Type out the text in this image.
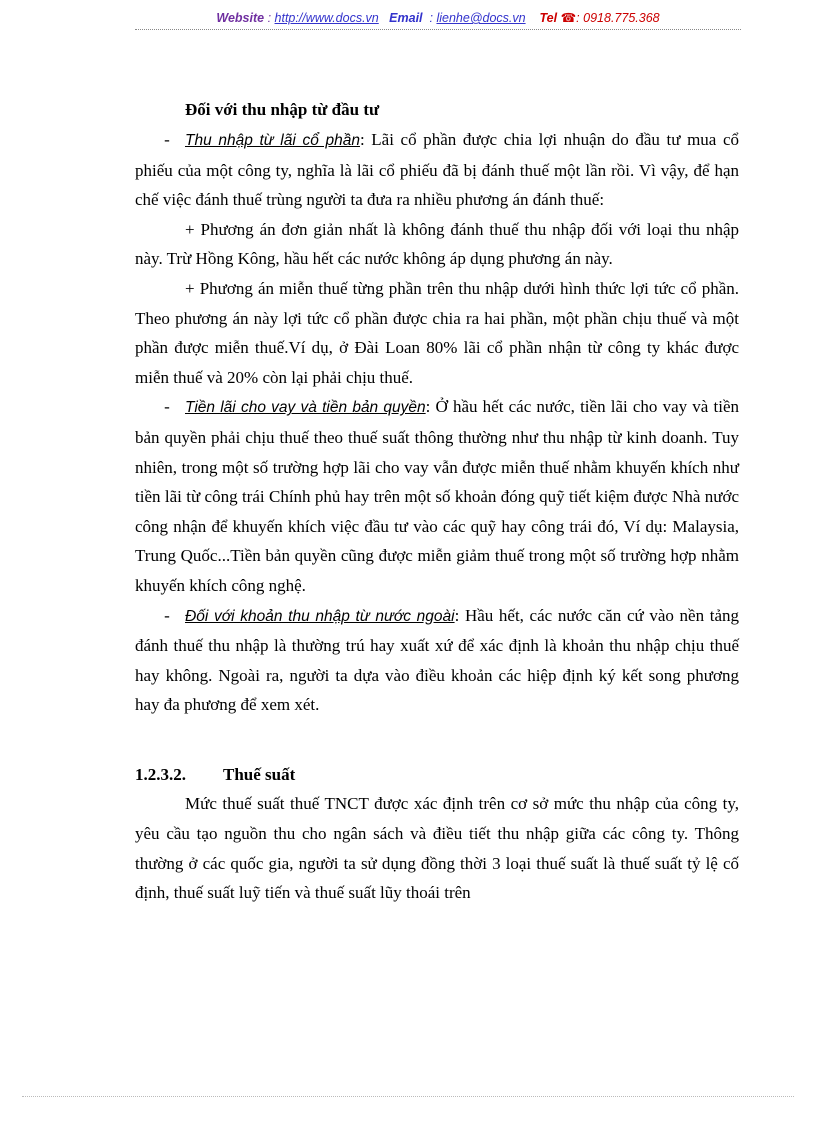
Website : http://www.docs.vn Email : lienhe@docs.vn Tel ☎: 0918.775.368

Đối với thu nhập từ đầu tư

- Thu nhập từ lãi cổ phần: Lãi cổ phần được chia lợi nhuận do đầu tư mua cổ phiếu của một công ty, nghĩa là lãi cổ phiếu đã bị đánh thuế một lần rồi. Vì vậy, để hạn chế việc đánh thuế trùng người ta đưa ra nhiều phương án đánh thuế:

+ Phương án đơn giản nhất là không đánh thuế thu nhập đối với loại thu nhập này. Trừ Hồng Kông, hầu hết các nước không áp dụng phương án này.

+ Phương án miễn thuế từng phần trên thu nhập dưới hình thức lợi tức cổ phần. Theo phương án này lợi tức cổ phần được chia ra hai phần, một phần chịu thuế và một phần được miễn thuế.Ví dụ, ở Đài Loan 80% lãi cổ phần nhận từ công ty khác được miễn thuế và 20% còn lại phải chịu thuế.

- Tiền lãi cho vay và tiền bản quyền: Ở hầu hết các nước, tiền lãi cho vay và tiền bản quyền phải chịu thuế theo thuế suất thông thường như thu nhập từ kinh doanh. Tuy nhiên, trong một số trường hợp lãi cho vay vẫn được miễn thuế nhằm khuyến khích như tiền lãi từ công trái Chính phủ hay trên một số khoản đóng quỹ tiết kiệm được Nhà nước công nhận để khuyến khích việc đầu tư vào các quỹ hay công trái đó, Ví dụ: Malaysia, Trung Quốc...Tiền bản quyền cũng được miễn giảm thuế trong một số trường hợp nhằm khuyến khích công nghệ.

- Đối với khoản thu nhập từ nước ngoài: Hầu hết, các nước căn cứ vào nền tảng đánh thuế thu nhập là thường trú hay xuất xứ để xác định là khoản thu nhập chịu thuế hay không. Ngoài ra, người ta dựa vào điều khoản các hiệp định ký kết song phương hay đa phương để xem xét.

1.2.3.2. Thuế suất

Mức thuế suất thuế TNCT được xác định trên cơ sở mức thu nhập của công ty, yêu cầu tạo nguồn thu cho ngân sách và điều tiết thu nhập giữa các công ty. Thông thường ở các quốc gia, người ta sử dụng đồng thời 3 loại thuế suất là thuế suất tỷ lệ cố định, thuế suất luỹ tiến và thuế suất lũy thoái trên
